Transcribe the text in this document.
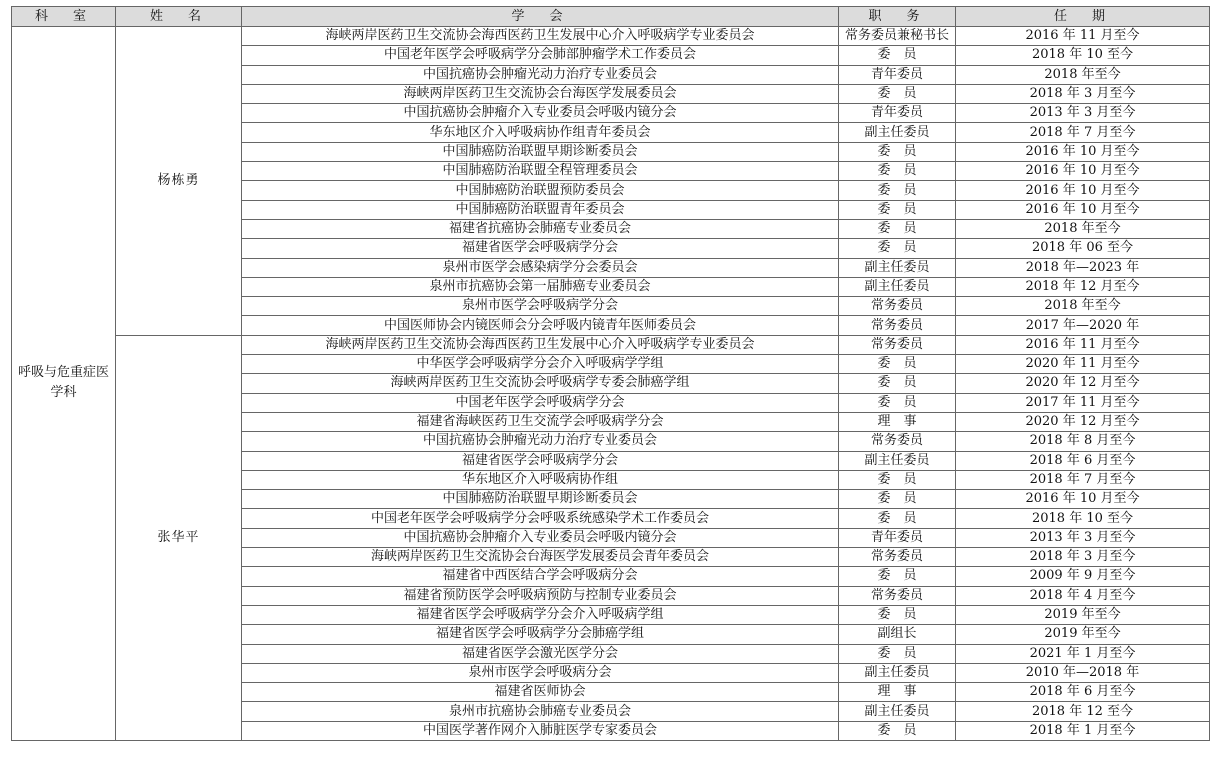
科　室	姓　名	学　会	职　务	任　期
呼吸与危重症医学科	杨栋勇	海峡两岸医药卫生交流协会海西医药卫生发展中心介入呼吸病学专业委员会	常务委员兼秘书长	2016 年 11 月至今
		中国老年医学会呼吸病学分会肺部肿瘤学术工作委员会	委　员	2018 年 10 至今
		中国抗癌协会肿瘤光动力治疗专业委员会	青年委员	2018 年至今
		海峡两岸医药卫生交流协会台海医学发展委员会	委　员	2018 年 3 月至今
		中国抗癌协会肿瘤介入专业委员会呼吸内镜分会	青年委员	2013 年 3 月至今
		华东地区介入呼吸病协作组青年委员会	副主任委员	2018 年 7 月至今
		中国肺癌防治联盟早期诊断委员会	委　员	2016 年 10 月至今
		中国肺癌防治联盟全程管理委员会	委　员	2016 年 10 月至今
		中国肺癌防治联盟预防委员会	委　员	2016 年 10 月至今
		中国肺癌防治联盟青年委员会	委　员	2016 年 10 月至今
		福建省抗癌协会肺癌专业委员会	委　员	2018 年至今
		福建省医学会呼吸病学分会	委　员	2018 年 06 至今
		泉州市医学会感染病学分会委员会	副主任委员	2018 年—2023 年
		泉州市抗癌协会第一届肺癌专业委员会	副主任委员	2018 年 12 月至今
		泉州市医学会呼吸病学分会	常务委员	2018 年至今
		中国医师协会内镜医师会分会呼吸内镜青年医师委员会	常务委员	2017 年—2020 年
	张华平	海峡两岸医药卫生交流协会海西医药卫生发展中心介入呼吸病学专业委员会	常务委员	2016 年 11 月至今
		中华医学会呼吸病学分会介入呼吸病学学组	委　员	2020 年 11 月至今
		海峡两岸医药卫生交流协会呼吸病学专委会肺癌学组	委　员	2020 年 12 月至今
		中国老年医学会呼吸病学分会	委　员	2017 年 11 月至今
		福建省海峡医药卫生交流学会呼吸病学分会	理　事	2020 年 12 月至今
		中国抗癌协会肿瘤光动力治疗专业委员会	常务委员	2018 年 8 月至今
		福建省医学会呼吸病学分会	副主任委员	2018 年 6 月至今
		华东地区介入呼吸病协作组	委　员	2018 年 7 月至今
		中国肺癌防治联盟早期诊断委员会	委　员	2016 年 10 月至今
		中国老年医学会呼吸病学分会呼吸系统感染学术工作委员会	委　员	2018 年 10 至今
		中国抗癌协会肿瘤介入专业委员会呼吸内镜分会	青年委员	2013 年 3 月至今
		海峡两岸医药卫生交流协会台海医学发展委员会青年委员会	常务委员	2018 年 3 月至今
		福建省中西医结合学会呼吸病分会	委　员	2009 年 9 月至今
		福建省预防医学会呼吸病预防与控制专业委员会	常务委员	2018 年 4 月至今
		福建省医学会呼吸病学分会介入呼吸病学组	委　员	2019 年至今
		福建省医学会呼吸病学分会肺癌学组	副组长	2019 年至今
		福建省医学会激光医学分会	委　员	2021 年 1 月至今
		泉州市医学会呼吸病分会	副主任委员	2010 年—2018 年
		福建省医师协会	理　事	2018 年 6 月至今
		泉州市抗癌协会肺癌专业委员会	副主任委员	2018 年 12 至今
		中国医学著作网介入肺脏医学专家委员会	委　员	2018 年 1 月至今
